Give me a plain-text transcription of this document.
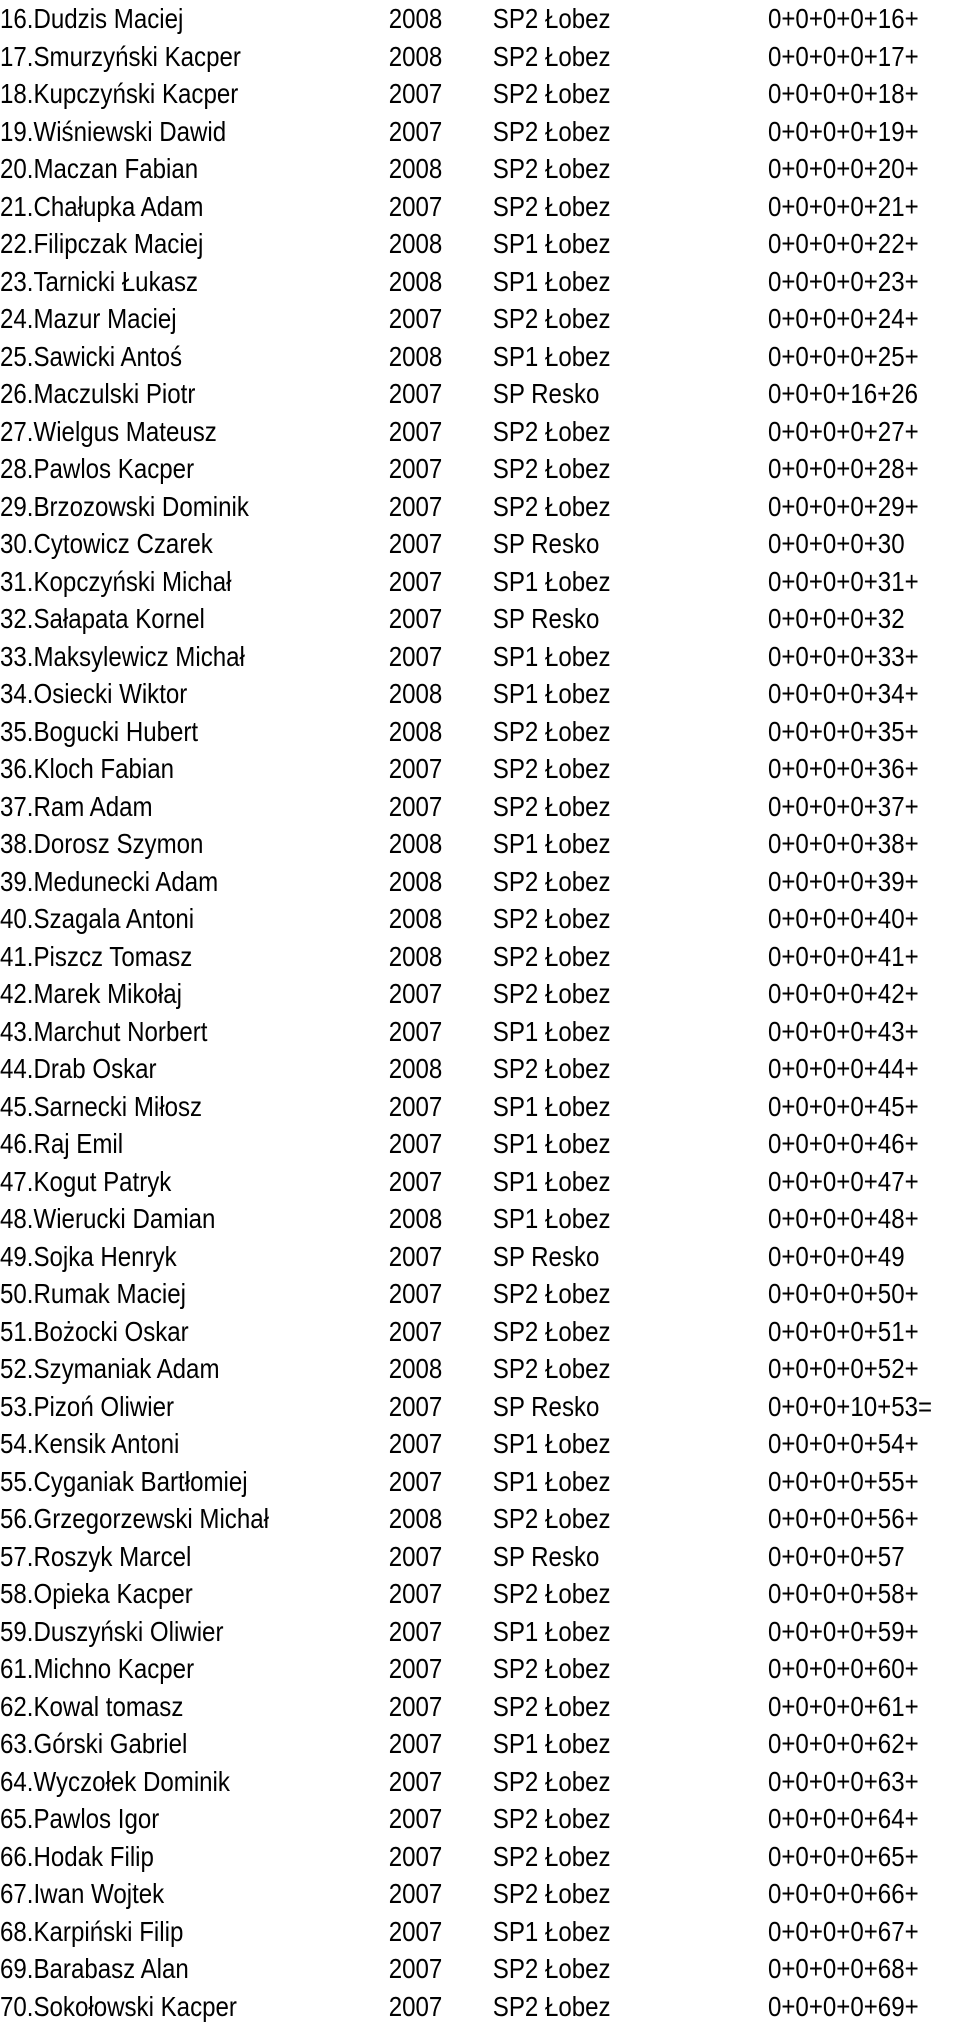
16.Dudzis Maciej	2008 SP2 Łobez	0+0+0+0+16+
17.Smurzyński Kacper	2008 SP2 Łobez	0+0+0+0+17+
18.Kupczyński Kacper	2007 SP2 Łobez	0+0+0+0+18+
19.Wiśniewski Dawid	2007 SP2 Łobez	0+0+0+0+19+
20.Maczan Fabian	2008 SP2 Łobez	0+0+0+0+20+
21.Chałupka Adam	2007 SP2 Łobez	0+0+0+0+21+
22.Filipczak Maciej	2008 SP1 Łobez	0+0+0+0+22+
23.Tarnicki Łukasz	2008 SP1 Łobez	0+0+0+0+23+
24.Mazur Maciej	2007 SP2 Łobez	0+0+0+0+24+
25.Sawicki Antoś	2008 SP1 Łobez	0+0+0+0+25+
26.Maczulski Piotr	2007 SP Resko	0+0+0+16+26
27.Wielgus Mateusz	2007 SP2 Łobez	0+0+0+0+27+
28.Pawlos Kacper	2007 SP2 Łobez	0+0+0+0+28+
29.Brzozowski Dominik	2007 SP2 Łobez	0+0+0+0+29+
30.Cytowicz Czarek	2007 SP Resko	0+0+0+0+30
31.Kopczyński Michał	2007 SP1 Łobez	0+0+0+0+31+
32.Sałapata Kornel	2007 SP Resko	0+0+0+0+32
33.Maksylewicz Michał	2007 SP1 Łobez	0+0+0+0+33+
34.Osiecki Wiktor	2008 SP1 Łobez	0+0+0+0+34+
35.Bogucki Hubert	2008 SP2 Łobez	0+0+0+0+35+
36.Kloch Fabian	2007 SP2 Łobez	0+0+0+0+36+
37.Ram Adam	2007 SP2 Łobez	0+0+0+0+37+
38.Dorosz Szymon	2008 SP1 Łobez	0+0+0+0+38+
39.Medunecki Adam	2008 SP2 Łobez	0+0+0+0+39+
40.Szagala Antoni	2008 SP2 Łobez	0+0+0+0+40+
41.Piszcz Tomasz	2008 SP2 Łobez	0+0+0+0+41+
42.Marek Mikołaj	2007 SP2 Łobez	0+0+0+0+42+
43.Marchut Norbert	2007 SP1 Łobez	0+0+0+0+43+
44.Drab Oskar	2008 SP2 Łobez	0+0+0+0+44+
45.Sarnecki Miłosz	2007 SP1 Łobez	0+0+0+0+45+
46.Raj Emil	2007 SP1 Łobez	0+0+0+0+46+
47.Kogut Patryk	2007 SP1 Łobez	0+0+0+0+47+
48.Wierucki Damian	2008 SP1 Łobez	0+0+0+0+48+
49.Sojka Henryk	2007 SP Resko	0+0+0+0+49
50.Rumak Maciej	2007 SP2 Łobez	0+0+0+0+50+
51.Bożocki Oskar	2007 SP2 Łobez	0+0+0+0+51+
52.Szymaniak Adam	2008 SP2 Łobez	0+0+0+0+52+
53.Pizoń Oliwier	2007 SP Resko	0+0+0+10+53=
54.Kensik Antoni	2007 SP1 Łobez	0+0+0+0+54+
55.Cyganiak Bartłomiej	2007 SP1 Łobez	0+0+0+0+55+
56.Grzegorzewski Michał	2008 SP2 Łobez	0+0+0+0+56+
57.Roszyk Marcel	2007 SP Resko	0+0+0+0+57
58.Opieka Kacper	2007 SP2 Łobez	0+0+0+0+58+
59.Duszyński Oliwier	2007 SP1 Łobez	0+0+0+0+59+
61.Michno Kacper	2007 SP2 Łobez	0+0+0+0+60+
62.Kowal tomasz	2007 SP2 Łobez	0+0+0+0+61+
63.Górski Gabriel	2007 SP1 Łobez	0+0+0+0+62+
64.Wyczołek Dominik	2007 SP2 Łobez	0+0+0+0+63+
65.Pawlos Igor	2007 SP2 Łobez	0+0+0+0+64+
66.Hodak Filip	2007 SP2 Łobez	0+0+0+0+65+
67.Iwan Wojtek	2007 SP2 Łobez	0+0+0+0+66+
68.Karpiński Filip	2007 SP1 Łobez	0+0+0+0+67+
69.Barabasz Alan	2007 SP2 Łobez	0+0+0+0+68+
70.Sokołowski Kacper	2007 SP2 Łobez	0+0+0+0+69+
